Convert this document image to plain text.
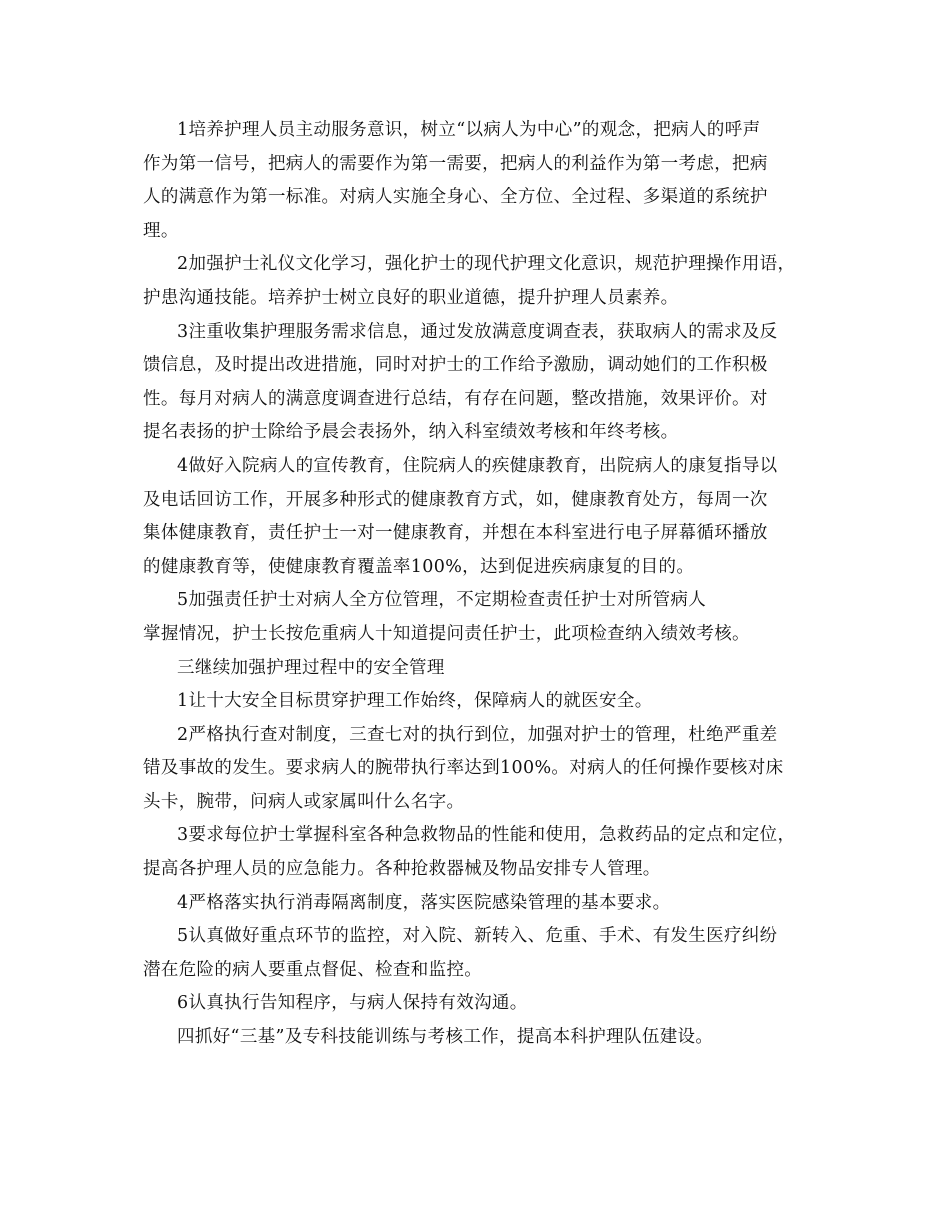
1培养护理人员主动服务意识，树立“以病人为中心”的观念，把病人的呼声
作为第一信号，把病人的需要作为第一需要，把病人的利益作为第一考虑，把病
人的满意作为第一标准。对病人实施全身心、全方位、全过程、多渠道的系统护
理。
2加强护士礼仪文化学习，强化护士的现代护理文化意识，规范护理操作用语，
护患沟通技能。培养护士树立良好的职业道德，提升护理人员素养。
3注重收集护理服务需求信息，通过发放满意度调查表，获取病人的需求及反
馈信息，及时提出改进措施，同时对护士的工作给予激励，调动她们的工作积极
性。每月对病人的满意度调查进行总结，有存在问题，整改措施，效果评价。对
提名表扬的护士除给予晨会表扬外，纳入科室绩效考核和年终考核。
4做好入院病人的宣传教育，住院病人的疾健康教育，出院病人的康复指导以
及电话回访工作，开展多种形式的健康教育方式，如，健康教育处方，每周一次
集体健康教育，责任护士一对一健康教育，并想在本科室进行电子屏幕循环播放
的健康教育等，使健康教育覆盖率100%，达到促进疾病康复的目的。
5加强责任护士对病人全方位管理，不定期检查责任护士对所管病人
掌握情况，护士长按危重病人十知道提问责任护士，此项检查纳入绩效考核。
三继续加强护理过程中的安全管理
1让十大安全目标贯穿护理工作始终，保障病人的就医安全。
2严格执行查对制度，三查七对的执行到位，加强对护士的管理，杜绝严重差
错及事故的发生。要求病人的腕带执行率达到100%。对病人的任何操作要核对床
头卡，腕带，问病人或家属叫什么名字。
3要求每位护士掌握科室各种急救物品的性能和使用，急救药品的定点和定位，
提高各护理人员的应急能力。各种抢救器械及物品安排专人管理。
4严格落实执行消毒隔离制度，落实医院感染管理的基本要求。
5认真做好重点环节的监控，对入院、新转入、危重、手术、有发生医疗纠纷
潜在危险的病人要重点督促、检查和监控。
6认真执行告知程序，与病人保持有效沟通。
四抓好“三基”及专科技能训练与考核工作，提高本科护理队伍建设。
